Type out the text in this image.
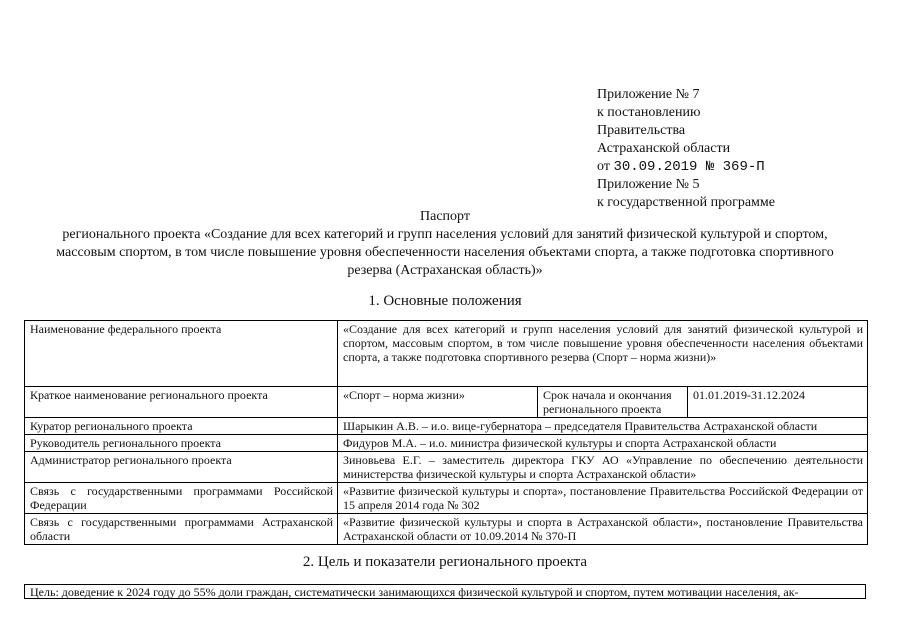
Приложение № 7
к постановлению
Правительства
Астраханской области
от 30.09.2019 № 369-П
Приложение № 5
к государственной программе
Паспорт
регионального проекта «Создание для всех категорий и групп населения условий для занятий физической культурой и спортом, массовым спортом, в том числе повышение уровня обеспеченности населения объектами спорта, а также подготовка спортивного резерва (Астраханская область)»
1. Основные положения
Наименование федерального проекта	«Создание для всех категорий и групп населения условий для занятий физической культурой и спортом, массовым спортом, в том числе повышение уровня обеспеченности населения объектами спорта, а также подготовка спортивного резерва (Спорт – норма жизни)»		
Краткое наименование регионального проекта	«Спорт – норма жизни»	Срок начала и окончания регионального проекта	01.01.2019-31.12.2024
Куратор регионального проекта	Шарыкин А.В. – и.о. вице-губернатора – председателя Правительства Астраханской области		
Руководитель регионального проекта	Фидуров М.А. – и.о. министра физической культуры и спорта Астраханской области		
Администратор регионального проекта	Зиновьева Е.Г. – заместитель директора ГКУ АО «Управление по обеспечению деятельности министерства физической культуры и спорта Астраханской области»		
Связь с государственными программами Российской Федерации	«Развитие физической культуры и спорта», постановление Правительства Российской Федерации от 15 апреля 2014 года № 302		
Связь с государственными программами Астраханской области	«Развитие физической культуры и спорта в Астраханской области», постановление Правительства Астраханской области от 10.09.2014 № 370-П		
2. Цель и показатели регионального проекта
Цель: доведение к 2024 году до 55% доли граждан, систематически занимающихся физической культурой и спортом, путем мотивации населения, ак-
